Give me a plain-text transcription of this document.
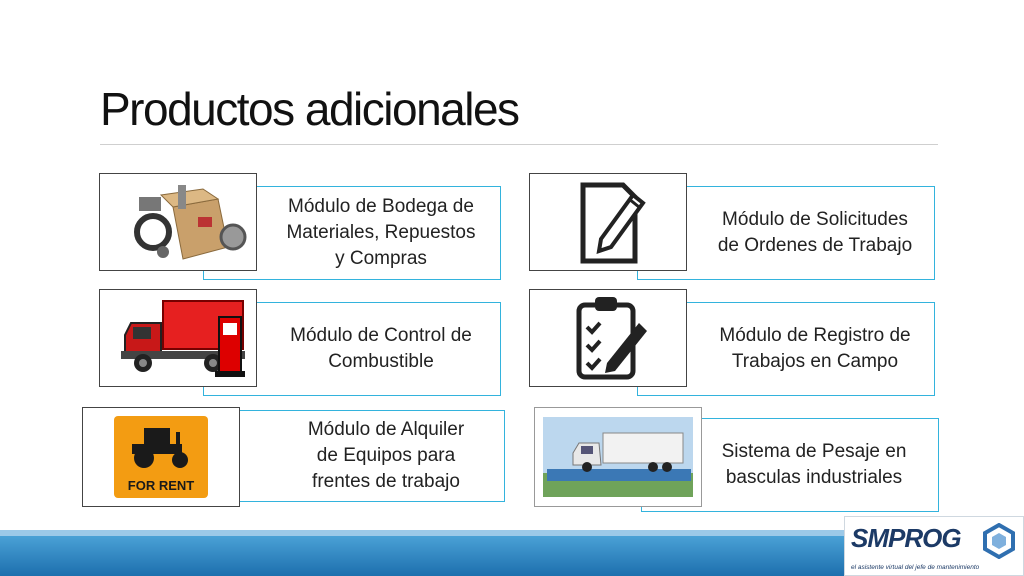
Productos adicionales
Módulo de Bodega de
Materiales, Repuestos
y Compras
Módulo de Solicitudes
de Ordenes de Trabajo
Módulo de Control de
Combustible
Módulo de Registro de
Trabajos en Campo
Módulo de Alquiler
de Equipos para
frentes de trabajo
FOR RENT
Sistema de Pesaje en
basculas industriales
SMPROG
el asistente virtual del jefe de mantenimiento
